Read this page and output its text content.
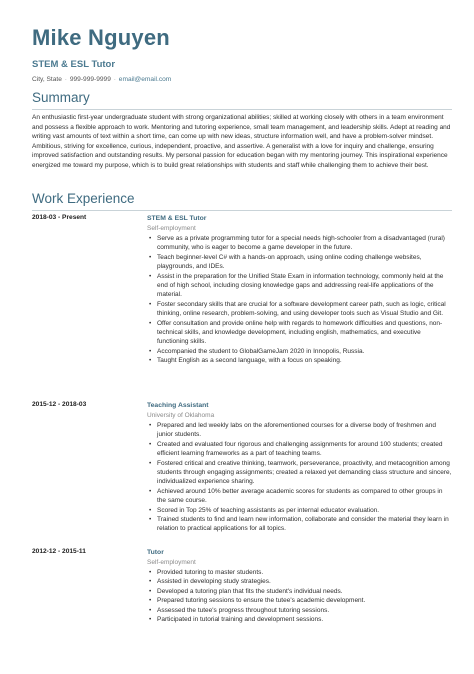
Mike Nguyen
STEM & ESL Tutor
City, State · 999-999-9999 · email@email.com
Summary
An enthusiastic first-year undergraduate student with strong organizational abilities; skilled at working closely with others in a team environment and possess a flexible approach to work. Mentoring and tutoring experience, small team management, and leadership skills. Adept at reading and writing vast amounts of text within a short time, can come up with new ideas, structure information well, and have a problem-solver mindset. Ambitious, striving for excellence, curious, independent, proactive, and assertive. A generalist with a love for inquiry and challenge, ensuring improved satisfaction and outstanding results. My personal passion for education began with my mentoring journey. This inspirational experience energized me toward my purpose, which is to build great relationships with students and staff while challenging them to achieve their best.
Work Experience
2018-03 - Present	STEM & ESL Tutor
Self-employment
• Serve as a private programming tutor for a special needs high-schooler from a disadvantaged (rural) community, who is eager to become a game developer in the future.
• Teach beginner-level C# with a hands-on approach, using online coding challenge websites, playgrounds, and IDEs.
• Assist in the preparation for the Unified State Exam in information technology, commonly held at the end of high school, including closing knowledge gaps and addressing real-life applications of the material.
• Foster secondary skills that are crucial for a software development career path, such as logic, critical thinking, online research, problem-solving, and using developer tools such as Visual Studio and Git.
• Offer consultation and provide online help with regards to homework difficulties and questions, non-technical skills, and knowledge development, including english, mathematics, and executive functioning skills.
• Accompanied the student to GlobalGameJam 2020 in Innopolis, Russia.
• Taught English as a second language, with a focus on speaking.
2015-12 - 2018-03	Teaching Assistant
University of Oklahoma
• Prepared and led weekly labs on the aforementioned courses for a diverse body of freshmen and junior students.
• Created and evaluated four rigorous and challenging assignments for around 100 students; created efficient learning frameworks as a part of teaching teams.
• Fostered critical and creative thinking, teamwork, perseverance, proactivity, and metacognition among students through engaging assignments; created a relaxed yet demanding class structure and sincere, individualized experience sharing.
• Achieved around 10% better average academic scores for students as compared to other groups in the same course.
• Scored in Top 25% of teaching assistants as per internal educator evaluation.
• Trained students to find and learn new information, collaborate and consider the material they learn in relation to practical applications for all topics.
2012-12 - 2015-11	Tutor
Self-employment
• Provided tutoring to master students.
• Assisted in developing study strategies.
• Developed a tutoring plan that fits the student's individual needs.
• Prepared tutoring sessions to ensure the tutee's academic development.
• Assessed the tutee's progress throughout tutoring sessions.
• Participated in tutorial training and development sessions.
